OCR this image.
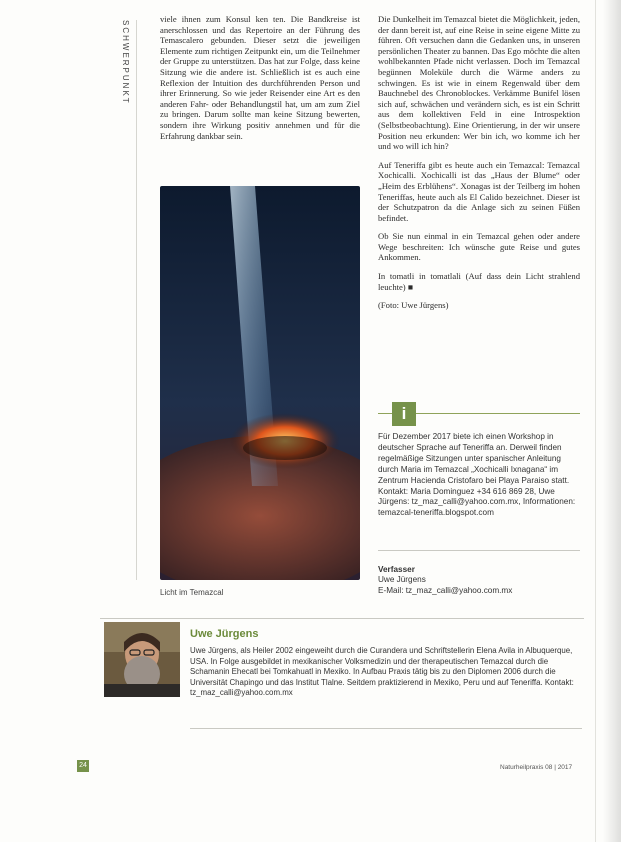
SCHWERPUNKT

viele ihnen zum Konsul ken ten. Die Bandkreise ist anerschlossen und das Repertoire an der Führung des Temascalero gebunden. Dieser setzt die jeweiligen Elemente zum richtigen Zeitpunkt ein, um die Teilnehmer der Gruppe zu unterstützen. Das hat zur Folge, dass keine Sitzung wie die andere ist. Schließlich ist es auch eine Reflexion der Intuition des durchführenden Person und ihrer Erinnerung. So wie jeder Reisender eine Art es den anderen Fahr- oder Behandlungstil hat, um am zum Ziel zu bringen. Darum sollte man keine Sitzung bewerten, sondern ihre Wirkung positiv annehmen und für die Erfahrung dankbar sein.

Die Dunkelheit im Temazcal bietet die Möglichkeit, jeden, der dann bereit ist, auf eine Reise in seine eigene Mitte zu führen. Oft versuchen dann die Gedanken uns, in unseren persönlichen Theater zu bannen. Das Ego möchte die alten wohlbekannten Pfade nicht verlassen. Doch im Temazcal begünnen Moleküle durch die Wärme anders zu schwingen. Es ist wie in einem Regenwald über dem Bauchnebel des Chronoblockes. Verkämme Bunifel lösen sich auf, schwächen und verändern sich, es ist ein Schritt aus dem kollektiven Feld in eine Introspektion (Selbstbeobachtung). Eine Orientierung, in der wir unsere Position neu erkunden: Wer bin ich, wo komme ich her und wo will ich hin?

Auf Teneriffa gibt es heute auch ein Temazcal: Temazcal Xochicalli. Xochicalli ist das „Haus der Blume“ oder „Heim des Erblühens“. Xonagas ist der Teilberg im hohen Teneriffas, heute auch als El Calido bezeichnet. Dieser ist der Schutzpatron da die Anlage sich zu seinen Füßen befindet.

Ob Sie nun einmal in ein Temazcal gehen oder andere Wege beschreiten: Ich wünsche gute Reise und gutes Ankommen.

In tomatli in tomatlali (Auf dass dein Licht strahlend leuchte) ■

(Foto: Uwe Jürgens)

Licht im Temazcal
i
Für Dezember 2017 biete ich einen Workshop in deutscher Sprache auf Teneriffa an. Derweil finden regelmäßige Sitzungen unter spanischer Anleitung durch Maria im Temazcal „Xochicalli Ixnagana“ im Zentrum Hacienda Cristofaro bei Playa Paraiso statt. Kontakt: Maria Dominguez +34 616 869 28, Uwe Jürgens: tz_maz_calli@yahoo.com.mx, Informationen: temazcal-teneriffa.blogspot.com
Verfasser
Uwe Jürgens
E-Mail: tz_maz_calli@yahoo.com.mx
Uwe Jürgens
Uwe Jürgens, als Heiler 2002 eingeweiht durch die Curandera und Schriftstellerin Elena Avila in Albuquerque, USA. In Folge ausgebildet in mexikanischer Volksmedizin und der therapeutischen Temazcal durch die Schamanin Ehecatl bei Tomkahuatl in Mexiko. In Aufbau Praxis tätig bis zu den Diplomen 2006 durch die Universität Chapingo und das Institut Tlalne. Seitdem praktizierend in Mexiko, Peru und auf Teneriffa. Kontakt: tz_maz_calli@yahoo.com.mx
24	Naturheilpraxis 08 | 2017
